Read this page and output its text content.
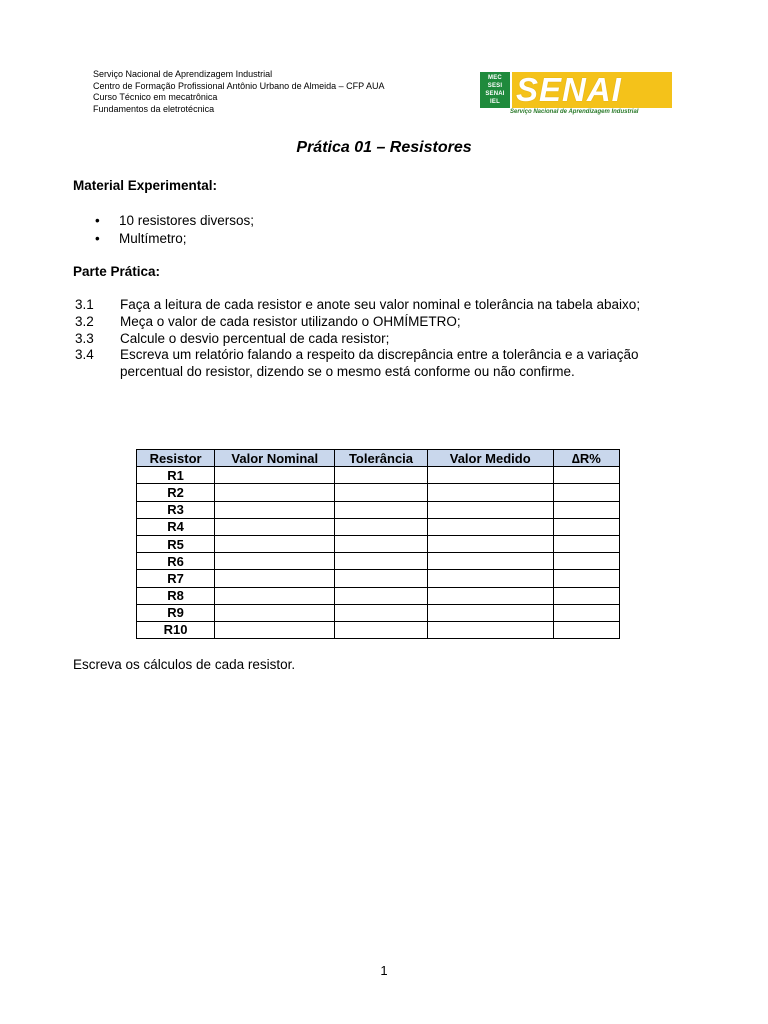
Serviço Nacional de Aprendizagem Industrial
Centro de Formação Profissional Antônio Urbano de Almeida – CFP AUA
Curso Técnico em mecatrônica
Fundamentos da eletrotécnica
MEC
SESI
SENAI
IEL SENAI
Serviço Nacional de Aprendizagem Industrial
Prática 01 – Resistores
Material Experimental:
• 10 resistores diversos;
• Multímetro;
Parte Prática:
3.1 Faça a leitura de cada resistor e anote seu valor nominal e tolerância na tabela abaixo;
3.2 Meça o valor de cada resistor utilizando o OHMÍMETRO;
3.3 Calcule o desvio percentual de cada resistor;
3.4 Escreva um relatório falando a respeito da discrepância entre a tolerância e a variação percentual do resistor, dizendo se o mesmo está conforme ou não confirme.
Resistor	Valor Nominal	Tolerância	Valor Medido	∆R%
R1				
R2				
R3				
R4				
R5				
R6				
R7				
R8				
R9				
R10				
Escreva os cálculos de cada resistor.
1
